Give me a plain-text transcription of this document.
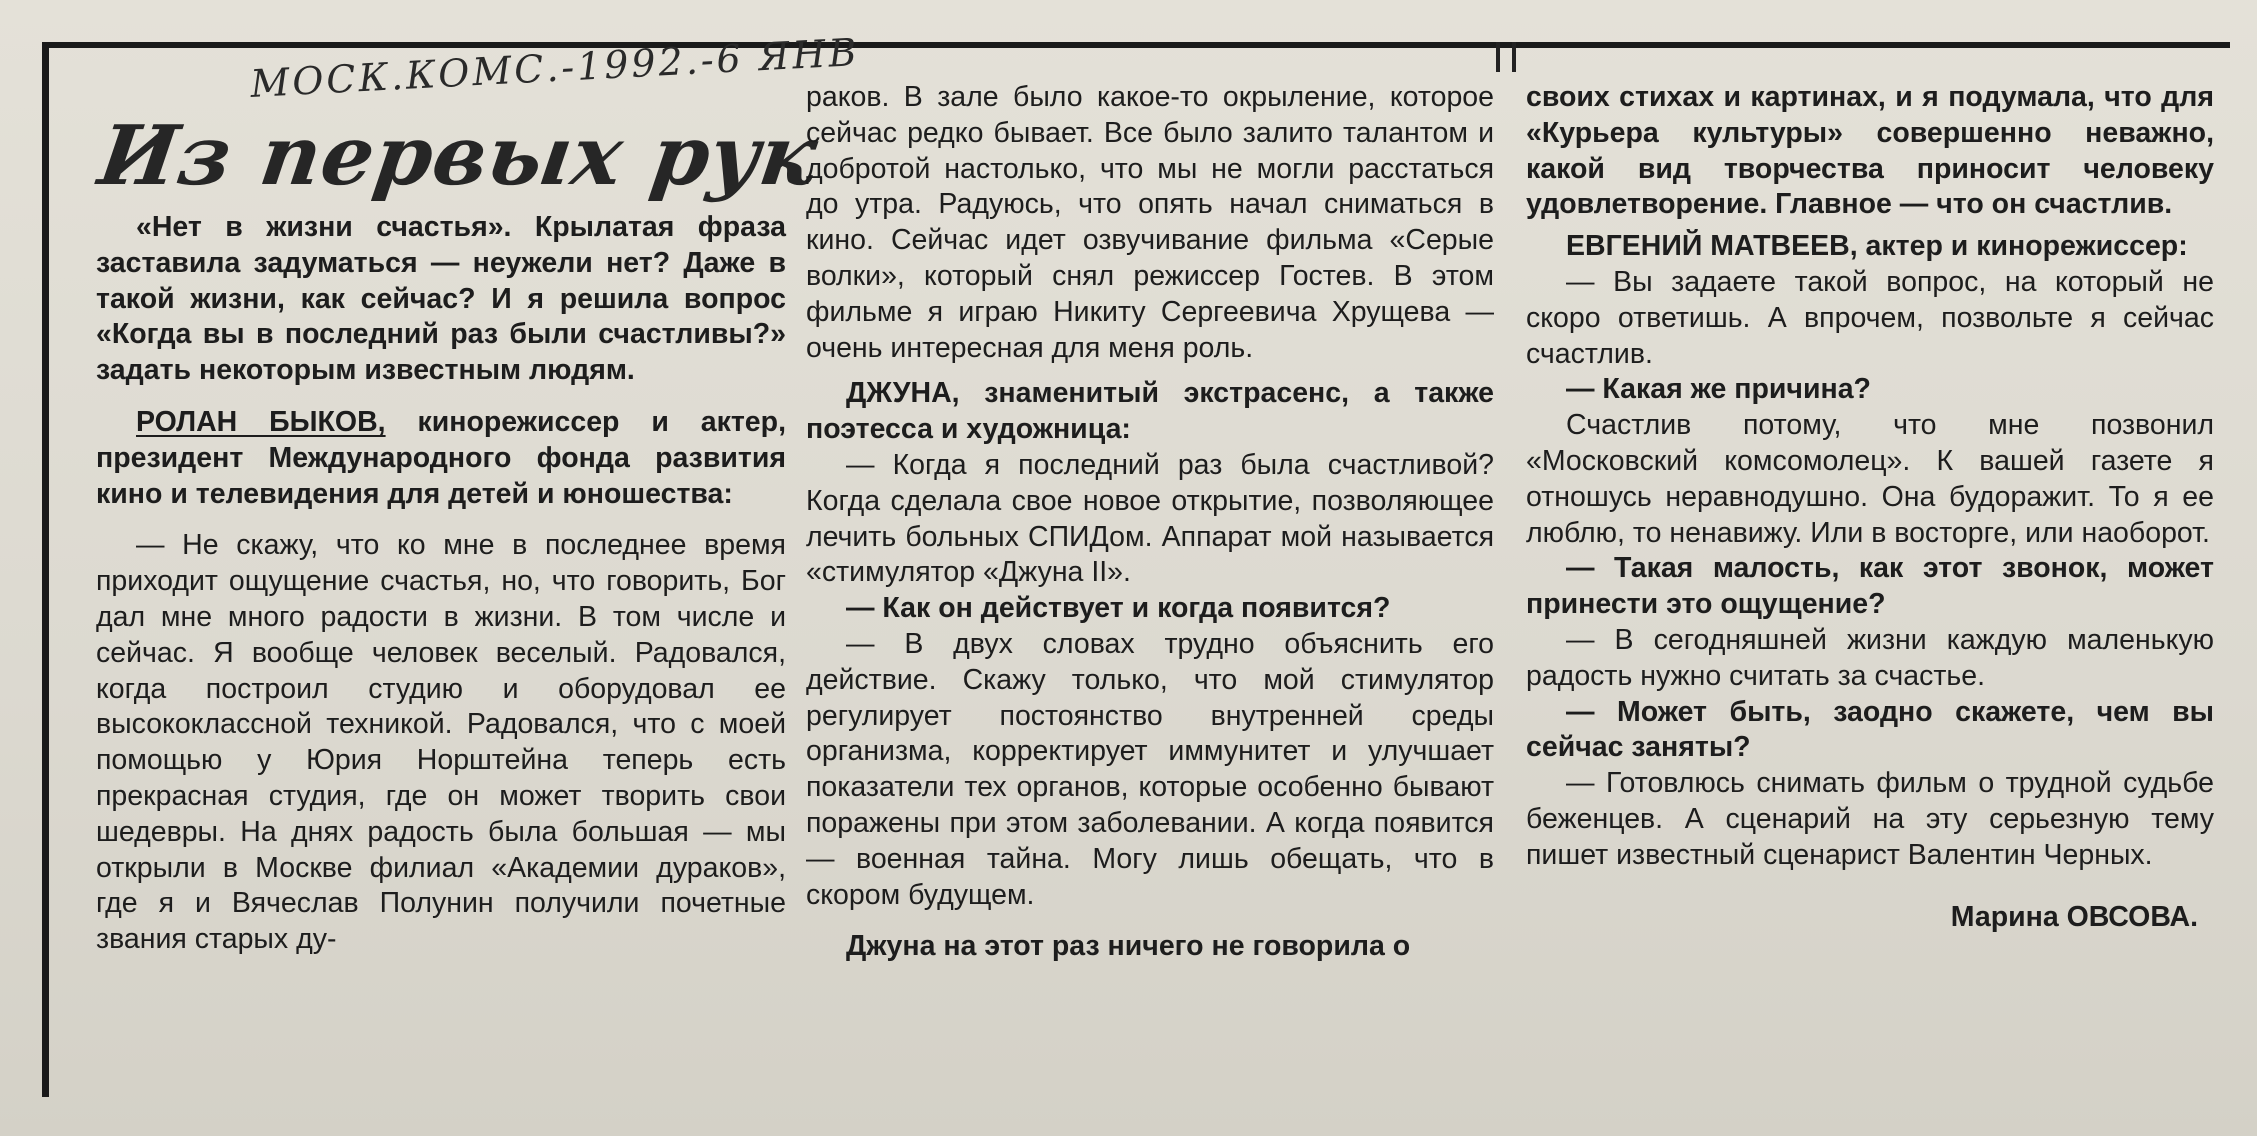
МОСК.КОМС.-1992.-6 ЯНВ
Из первых рук

«Нет в жизни счастья». Крылатая фраза заставила задуматься — неужели нет? Даже в такой жизни, как сейчас? И я решила вопрос «Когда вы в последний раз были счастливы?» задать некоторым известным людям.

РОЛАН БЫКОВ, кинорежиссер и актер, президент Международного фонда развития кино и телевидения для детей и юношества:

— Не скажу, что ко мне в последнее время приходит ощущение счастья, но, что говорить, Бог дал мне много радости в жизни. В том числе и сейчас. Я вообще человек веселый. Радовался, когда построил студию и оборудовал ее высококлассной техникой. Радовался, что с моей помощью у Юрия Норштейна теперь есть прекрасная студия, где он может творить свои шедевры. На днях радость была большая — мы открыли в Москве филиал «Академии дураков», где я и Вячеслав Полунин получили почетные звания старых ду-

раков. В зале было какое-то окрыление, которое сейчас редко бывает. Все было залито талантом и добротой настолько, что мы не могли расстаться до утра. Радуюсь, что опять начал сниматься в кино. Сейчас идет озвучивание фильма «Серые волки», который снял режиссер Гостев. В этом фильме я играю Никиту Сергеевича Хрущева — очень интересная для меня роль.

ДЖУНА, знаменитый экстрасенс, а также поэтесса и художница:

— Когда я последний раз была счастливой? Когда сделала свое новое открытие, позволяющее лечить больных СПИДом. Аппарат мой называется «стимулятор «Джуна II».

— Как он действует и когда появится?

— В двух словах трудно объяснить его действие. Скажу только, что мой стимулятор регулирует постоянство внутренней среды организма, корректирует иммунитет и улучшает показатели тех органов, которые особенно бывают поражены при этом заболевании. А когда появится — военная тайна. Могу лишь обещать, что в скором будущем.

Джуна на этот раз ничего не говорила о

своих стихах и картинах, и я подумала, что для «Курьера культуры» совершенно неважно, какой вид творчества приносит человеку удовлетворение. Главное — что он счастлив.

ЕВГЕНИЙ МАТВЕЕВ, актер и кинорежиссер:

— Вы задаете такой вопрос, на который не скоро ответишь. А впрочем, позвольте я сейчас счастлив.

— Какая же причина?

Счастлив потому, что мне позвонил «Московский комсомолец». К вашей газете я отношусь неравнодушно. Она будоражит. То я ее люблю, то ненавижу. Или в восторге, или наоборот.

— Такая малость, как этот звонок, может принести это ощущение?

— В сегодняшней жизни каждую маленькую радость нужно считать за счастье.

— Может быть, заодно скажете, чем вы сейчас заняты?

— Готовлюсь снимать фильм о трудной судьбе беженцев. А сценарий на эту серьезную тему пишет известный сценарист Валентин Черных.

Марина ОВСОВА.
